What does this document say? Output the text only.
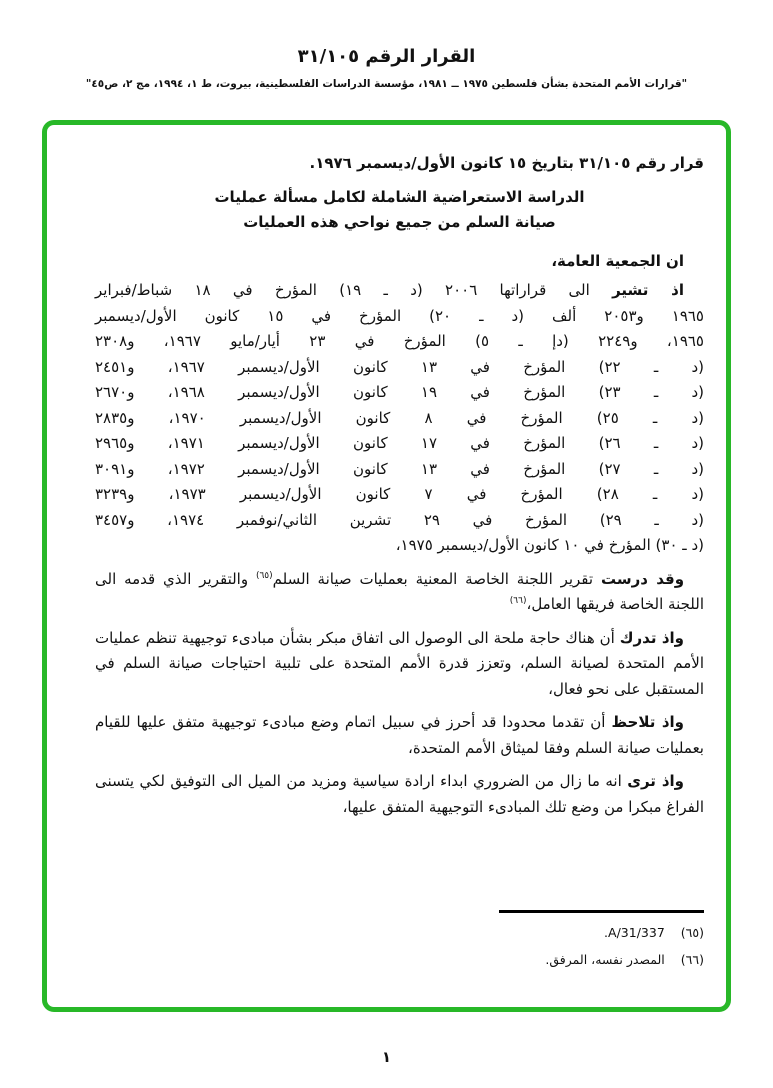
القرار الرقم ٣١/١٠٥
"قرارات الأمم المتحدة بشأن فلسطين ١٩٧٥ ــ ١٩٨١، مؤسسة الدراسات الفلسطينية، بيروت، ط ١، ١٩٩٤، مج ٢، ص٤٥"
قرار رقم ٣١/١٠٥ بتاريخ ١٥ كانون الأول/ديسمبر ١٩٧٦.
الدراسة الاستعراضية الشاملة لكامل مسألة عمليات
صيانة السلم من جميع نواحي هذه العمليات
ان الجمعية العامة،
اذ تشير الى قراراتها ٢٠٠٦ (د ـ ١٩) المؤرخ في ١٨ شباط/فبراير
١٩٦٥ و٢٠٥٣ ألف (د ـ ٢٠) المؤرخ في ١٥ كانون الأول/ديسمبر
١٩٦٥، و٢٢٤٩ (دإ ـ ٥) المؤرخ في ٢٣ أيار/مايو ١٩٦٧، و٢٣٠٨
(د ـ ٢٢) المؤرخ في ١٣ كانون الأول/ديسمبر ١٩٦٧، و٢٤٥١
(د ـ ٢٣) المؤرخ في ١٩ كانون الأول/ديسمبر ١٩٦٨، و٢٦٧٠
(د ـ ٢٥) المؤرخ في ٨ كانون الأول/ديسمبر ١٩٧٠، و٢٨٣٥
(د ـ ٢٦) المؤرخ في ١٧ كانون الأول/ديسمبر ١٩٧١، و٢٩٦٥
(د ـ ٢٧) المؤرخ في ١٣ كانون الأول/ديسمبر ١٩٧٢، و٣٠٩١
(د ـ ٢٨) المؤرخ في ٧ كانون الأول/ديسمبر ١٩٧٣، و٣٢٣٩
(د ـ ٢٩) المؤرخ في ٢٩ تشرين الثاني/نوفمبر ١٩٧٤، و٣٤٥٧
(د ـ ٣٠) المؤرخ في ١٠ كانون الأول/ديسمبر ١٩٧٥،
وقد درست تقرير اللجنة الخاصة المعنية بعمليات صيانة السلم$^{(٦٥)}$ والتقرير الذي قدمه الى اللجنة الخاصة فريقها العامل،$^{(٦٦)}$
واذ تدرك أن هناك حاجة ملحة الى الوصول الى اتفاق مبكر بشأن مبادىء توجيهية تنظم عمليات الأمم المتحدة لصيانة السلم، وتعزز قدرة الأمم المتحدة على تلبية احتياجات صيانة السلم في المستقبل على نحو فعال،
واذ تلاحظ أن تقدما محدودا قد أحرز في سبيل اتمام وضع مبادىء توجيهية متفق عليها للقيام بعمليات صيانة السلم وفقا لميثاق الأمم المتحدة،
واذ ترى انه ما زال من الضروري ابداء ارادة سياسية ومزيد من الميل الى التوفيق لكي يتسنى الفراغ مبكرا من وضع تلك المبادىء التوجيهية المتفق عليها،
(٦٥)A/31/337.
(٦٦)المصدر نفسه، المرفق.
١
